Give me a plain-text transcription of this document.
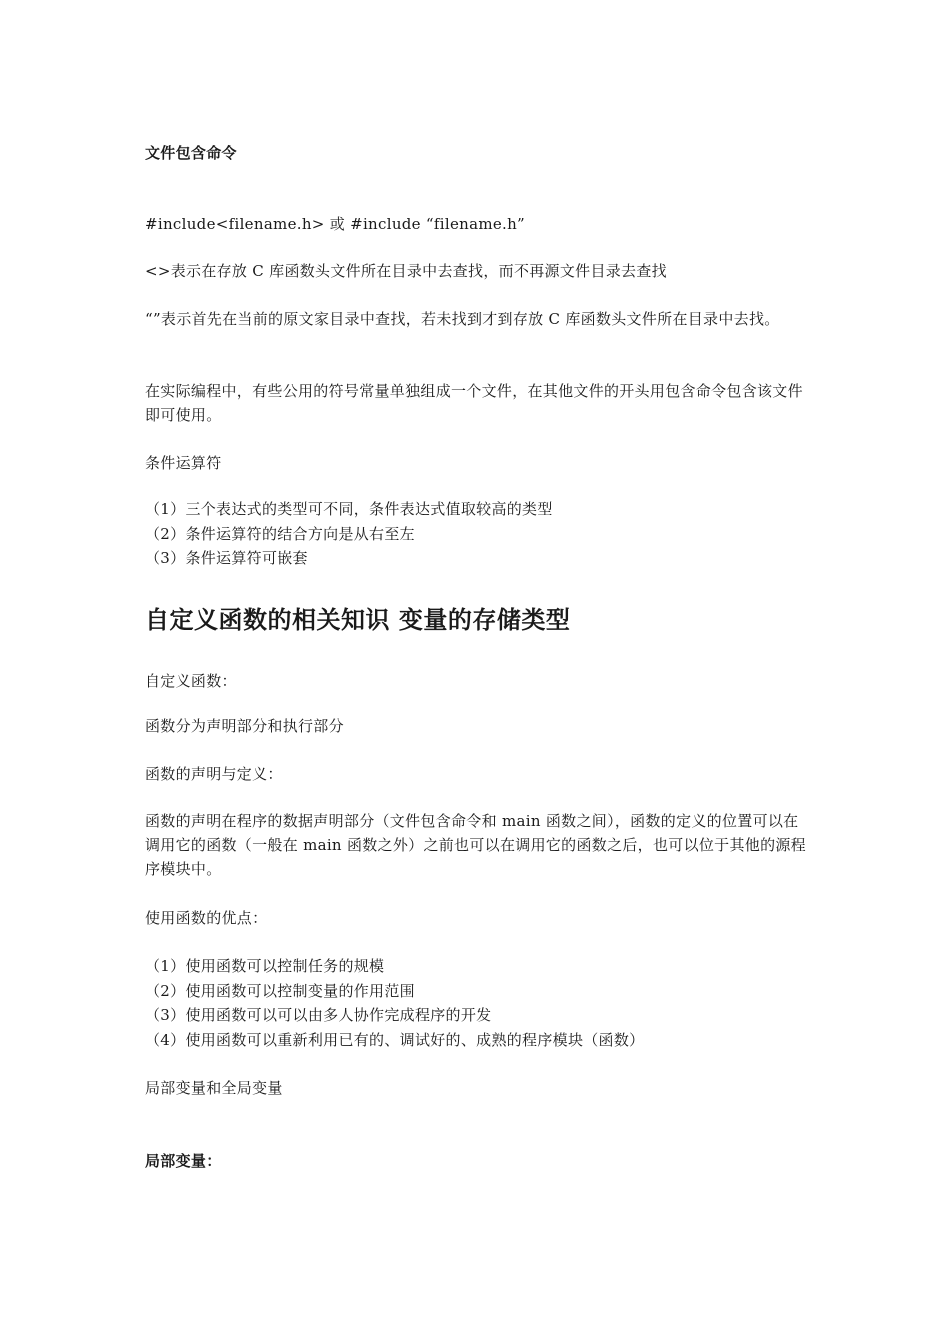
文件包含命令

#include<filename.h> 或 #include “filename.h”

<>表示在存放 C 库函数头文件所在目录中去查找，而不再源文件目录去查找

“”表示首先在当前的原文家目录中查找，若未找到才到存放 C 库函数头文件所在目录中去找。

在实际编程中，有些公用的符号常量单独组成一个文件，在其他文件的开头用包含命令包含该文件即可使用。

条件运算符

（1）三个表达式的类型可不同，条件表达式值取较高的类型
（2）条件运算符的结合方向是从右至左
（3）条件运算符可嵌套
自定义函数的相关知识 变量的存储类型

自定义函数：

函数分为声明部分和执行部分

函数的声明与定义：

函数的声明在程序的数据声明部分（文件包含命令和 main 函数之间），函数的定义的位置可以在调用它的函数（一般在 main 函数之外）之前也可以在调用它的函数之后，也可以位于其他的源程序模块中。

使用函数的优点：

（1）使用函数可以控制任务的规模
（2）使用函数可以控制变量的作用范围
（3）使用函数可以可以由多人协作完成程序的开发
（4）使用函数可以重新利用已有的、调试好的、成熟的程序模块（函数）

局部变量和全局变量

局部变量：
